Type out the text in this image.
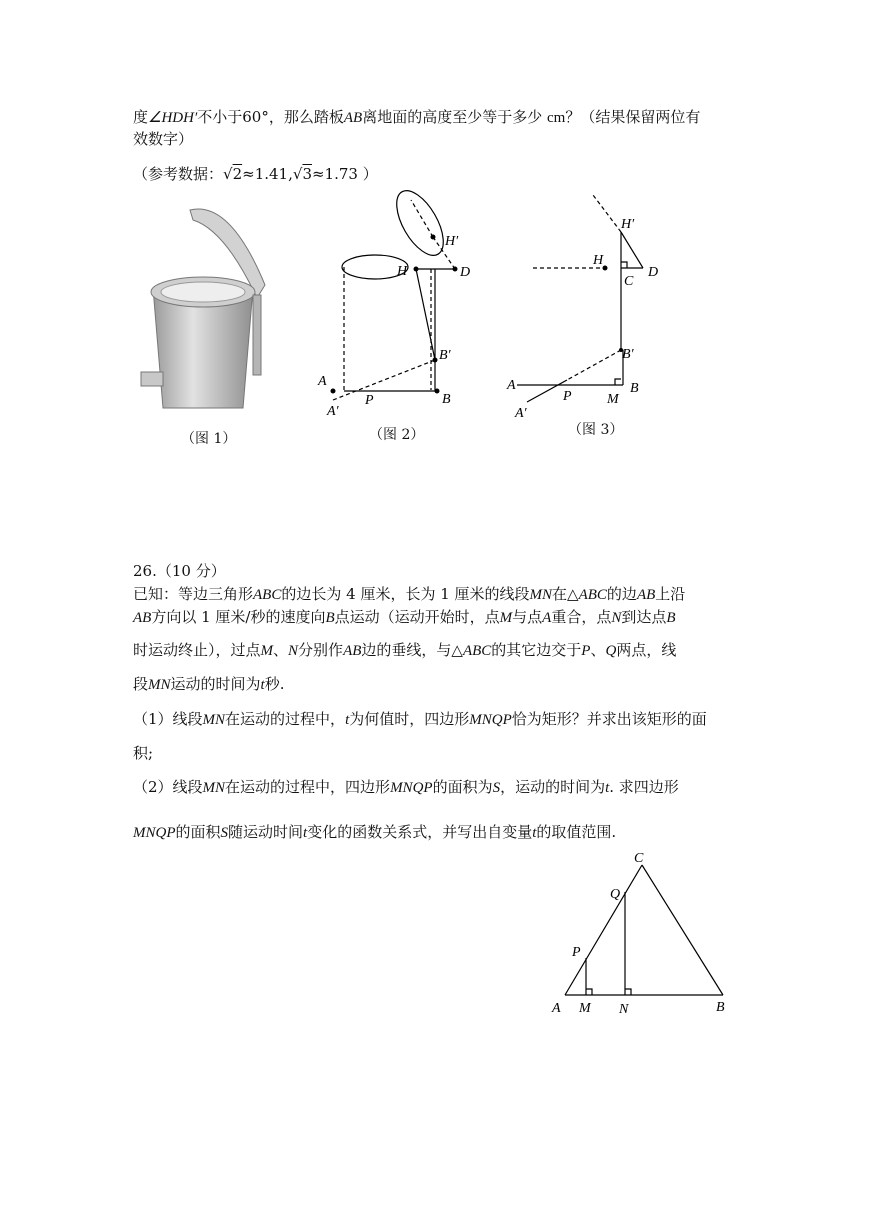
度∠HDH′不小于60°，那么踏板AB离地面的高度至少等于多少 cm？（结果保留两位有
效数字）
（参考数据：√2≈1.41,√3≈1.73 ）
（图 1）
H′
H	D
B′
A
A′
P	B
（图 2）
H′
H
C
D
B′
A
P	M
B
A′
（图 3）
26.（10 分）
已知：等边三角形ABC的边长为 4 厘米，长为 1 厘米的线段MN在△ABC的边AB上沿
AB方向以 1 厘米/秒的速度向B点运动（运动开始时，点M与点A重合，点N到达点B
时运动终止），过点M、N分别作AB边的垂线，与△ABC的其它边交于P、Q两点，线
段MN运动的时间为t秒.
（1）线段MN在运动的过程中，t为何值时，四边形MNQP恰为矩形？并求出该矩形的面
积;
（2）线段MN在运动的过程中，四边形MNQP的面积为S，运动的时间为t. 求四边形
MNQP的面积S随运动时间t变化的函数关系式，并写出自变量t的取值范围.
C
Q
P
A M N	B
